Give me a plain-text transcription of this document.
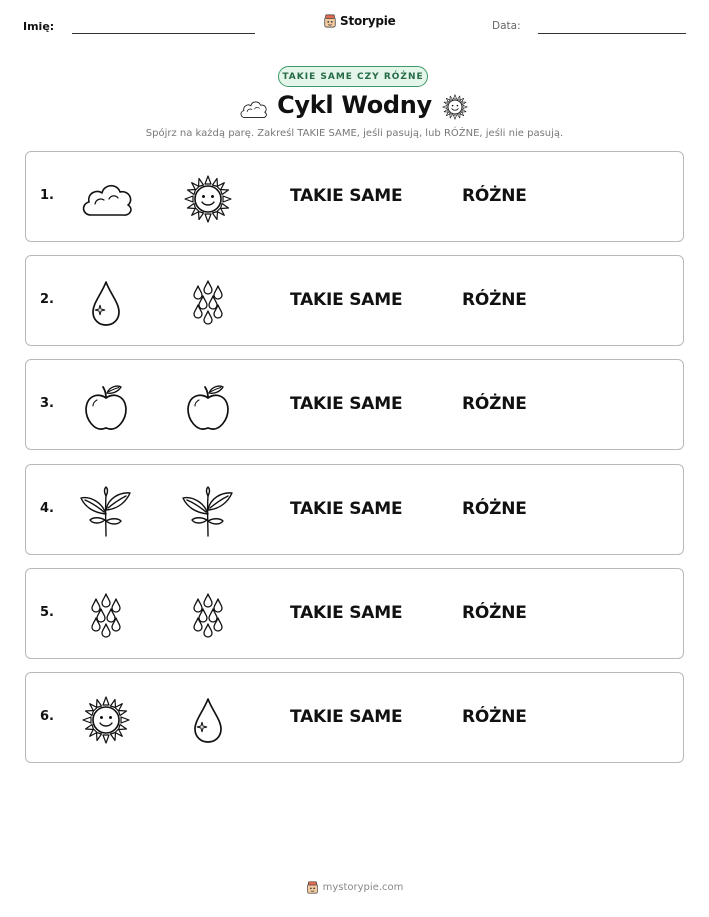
Imię:	Storypie	Data:
TAKIE SAME CZY RÓŻNE
Cykl Wodny
Spójrz na każdą parę. Zakreśl TAKIE SAME, jeśli pasują, lub RÓŻNE, jeśli nie pasują.
1.	TAKIE SAME	RÓŻNE
2.	TAKIE SAME	RÓŻNE
3.	TAKIE SAME	RÓŻNE
4.	TAKIE SAME	RÓŻNE
5.	TAKIE SAME	RÓŻNE
6.	TAKIE SAME	RÓŻNE
mystorypie.com
